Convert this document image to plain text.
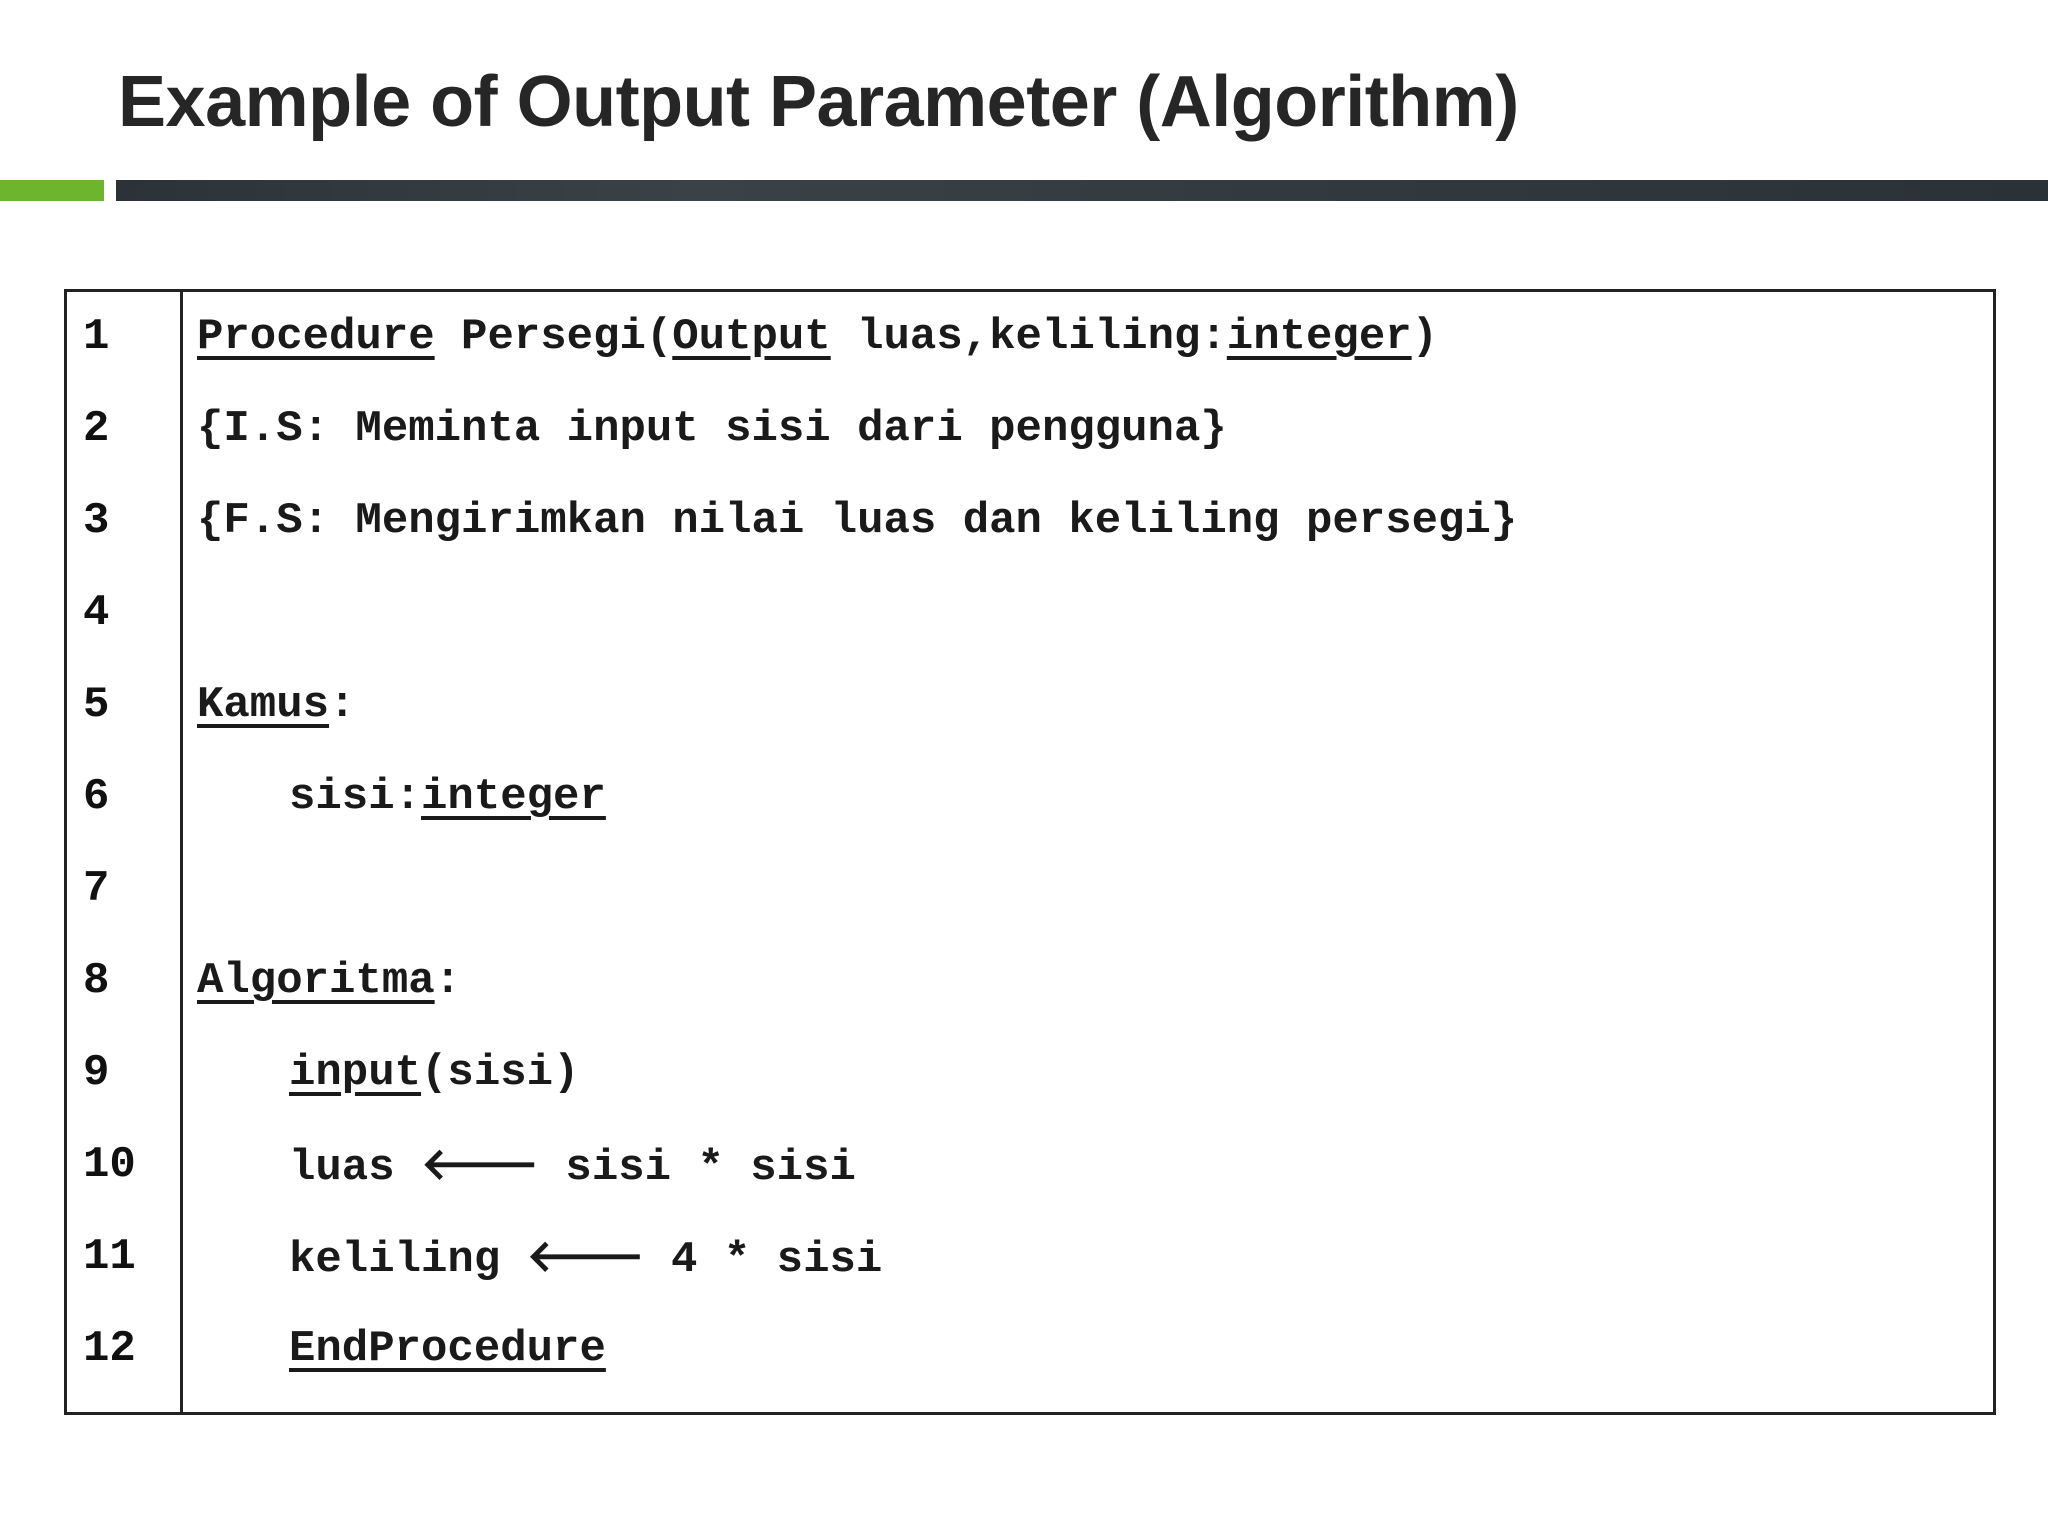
Example of Output Parameter (Algorithm)
1
2
3
4
5
6
7
8
9
10
11
12
Procedure Persegi(Output luas,keliling:integer)
{I.S: Meminta input sisi dari pengguna}
{F.S: Mengirimkan nilai luas dan keliling persegi}
Kamus:
sisi:integer
Algoritma:
input(sisi)
luas 🡐 sisi * sisi
keliling 🡐 4 * sisi
EndProcedure
